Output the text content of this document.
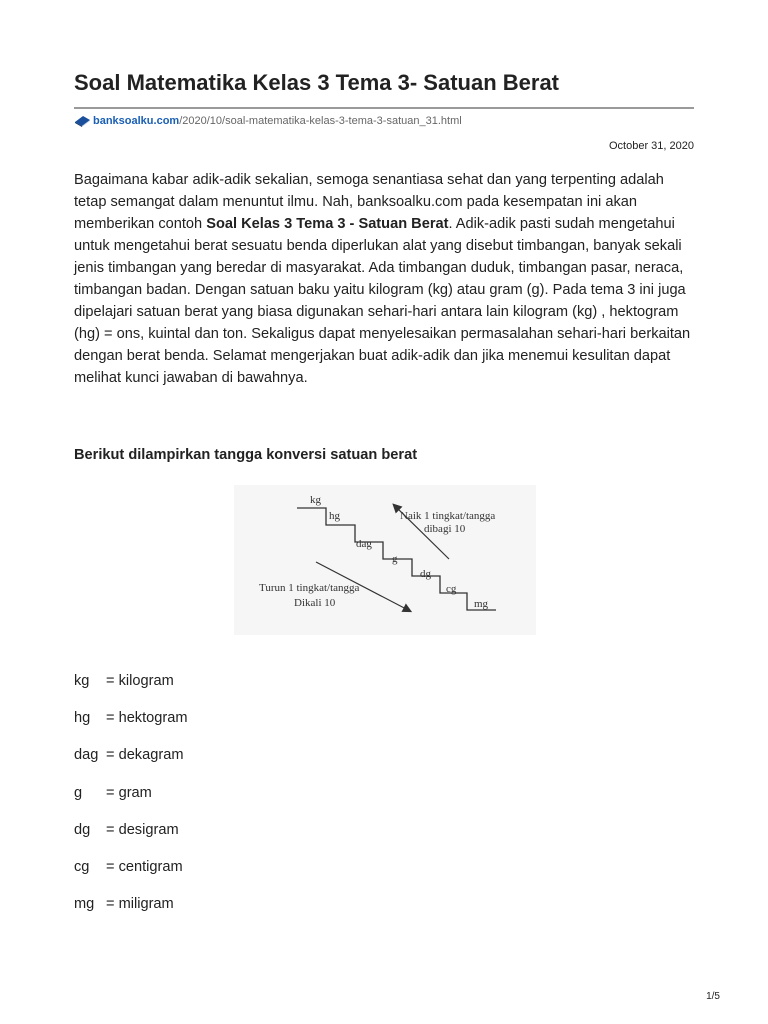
Soal Matematika Kelas 3 Tema 3- Satuan Berat
banksoalku.com /2020/10/soal-matematika-kelas-3-tema-3-satuan_31.html
October 31, 2020

Bagaimana kabar adik-adik sekalian, semoga senantiasa sehat dan yang terpenting adalah tetap semangat dalam menuntut ilmu. Nah, banksoalku.com pada kesempatan ini akan memberikan contoh Soal Kelas 3 Tema 3 - Satuan Berat. Adik-adik pasti sudah mengetahui untuk mengetahui berat sesuatu benda diperlukan alat yang disebut timbangan, banyak sekali jenis timbangan yang beredar di masyarakat. Ada timbangan duduk, timbangan pasar, neraca, timbangan badan. Dengan satuan baku yaitu kilogram (kg) atau gram (g). Pada tema 3 ini juga dipelajari satuan berat yang biasa digunakan sehari-hari antara lain kilogram (kg) , hektogram (hg) = ons, kuintal dan ton. Sekaligus dapat menyelesaikan permasalahan sehari-hari berkaitan dengan berat benda. Selamat mengerjakan buat adik-adik dan jika menemui kesulitan dapat melihat kunci jawaban di bawahnya.

Berikut dilampirkan tangga konversi satuan berat
kg
hg
dag
g
dg
cg
mg
Naik 1 tingkat/tangga
dibagi 10
Turun 1 tingkat/tangga
Dikali 10
kg = kilogram
hg = hektogram
dag = dekagram
g = gram
dg = desigram
cg = centigram
mg = miligram
1/5
